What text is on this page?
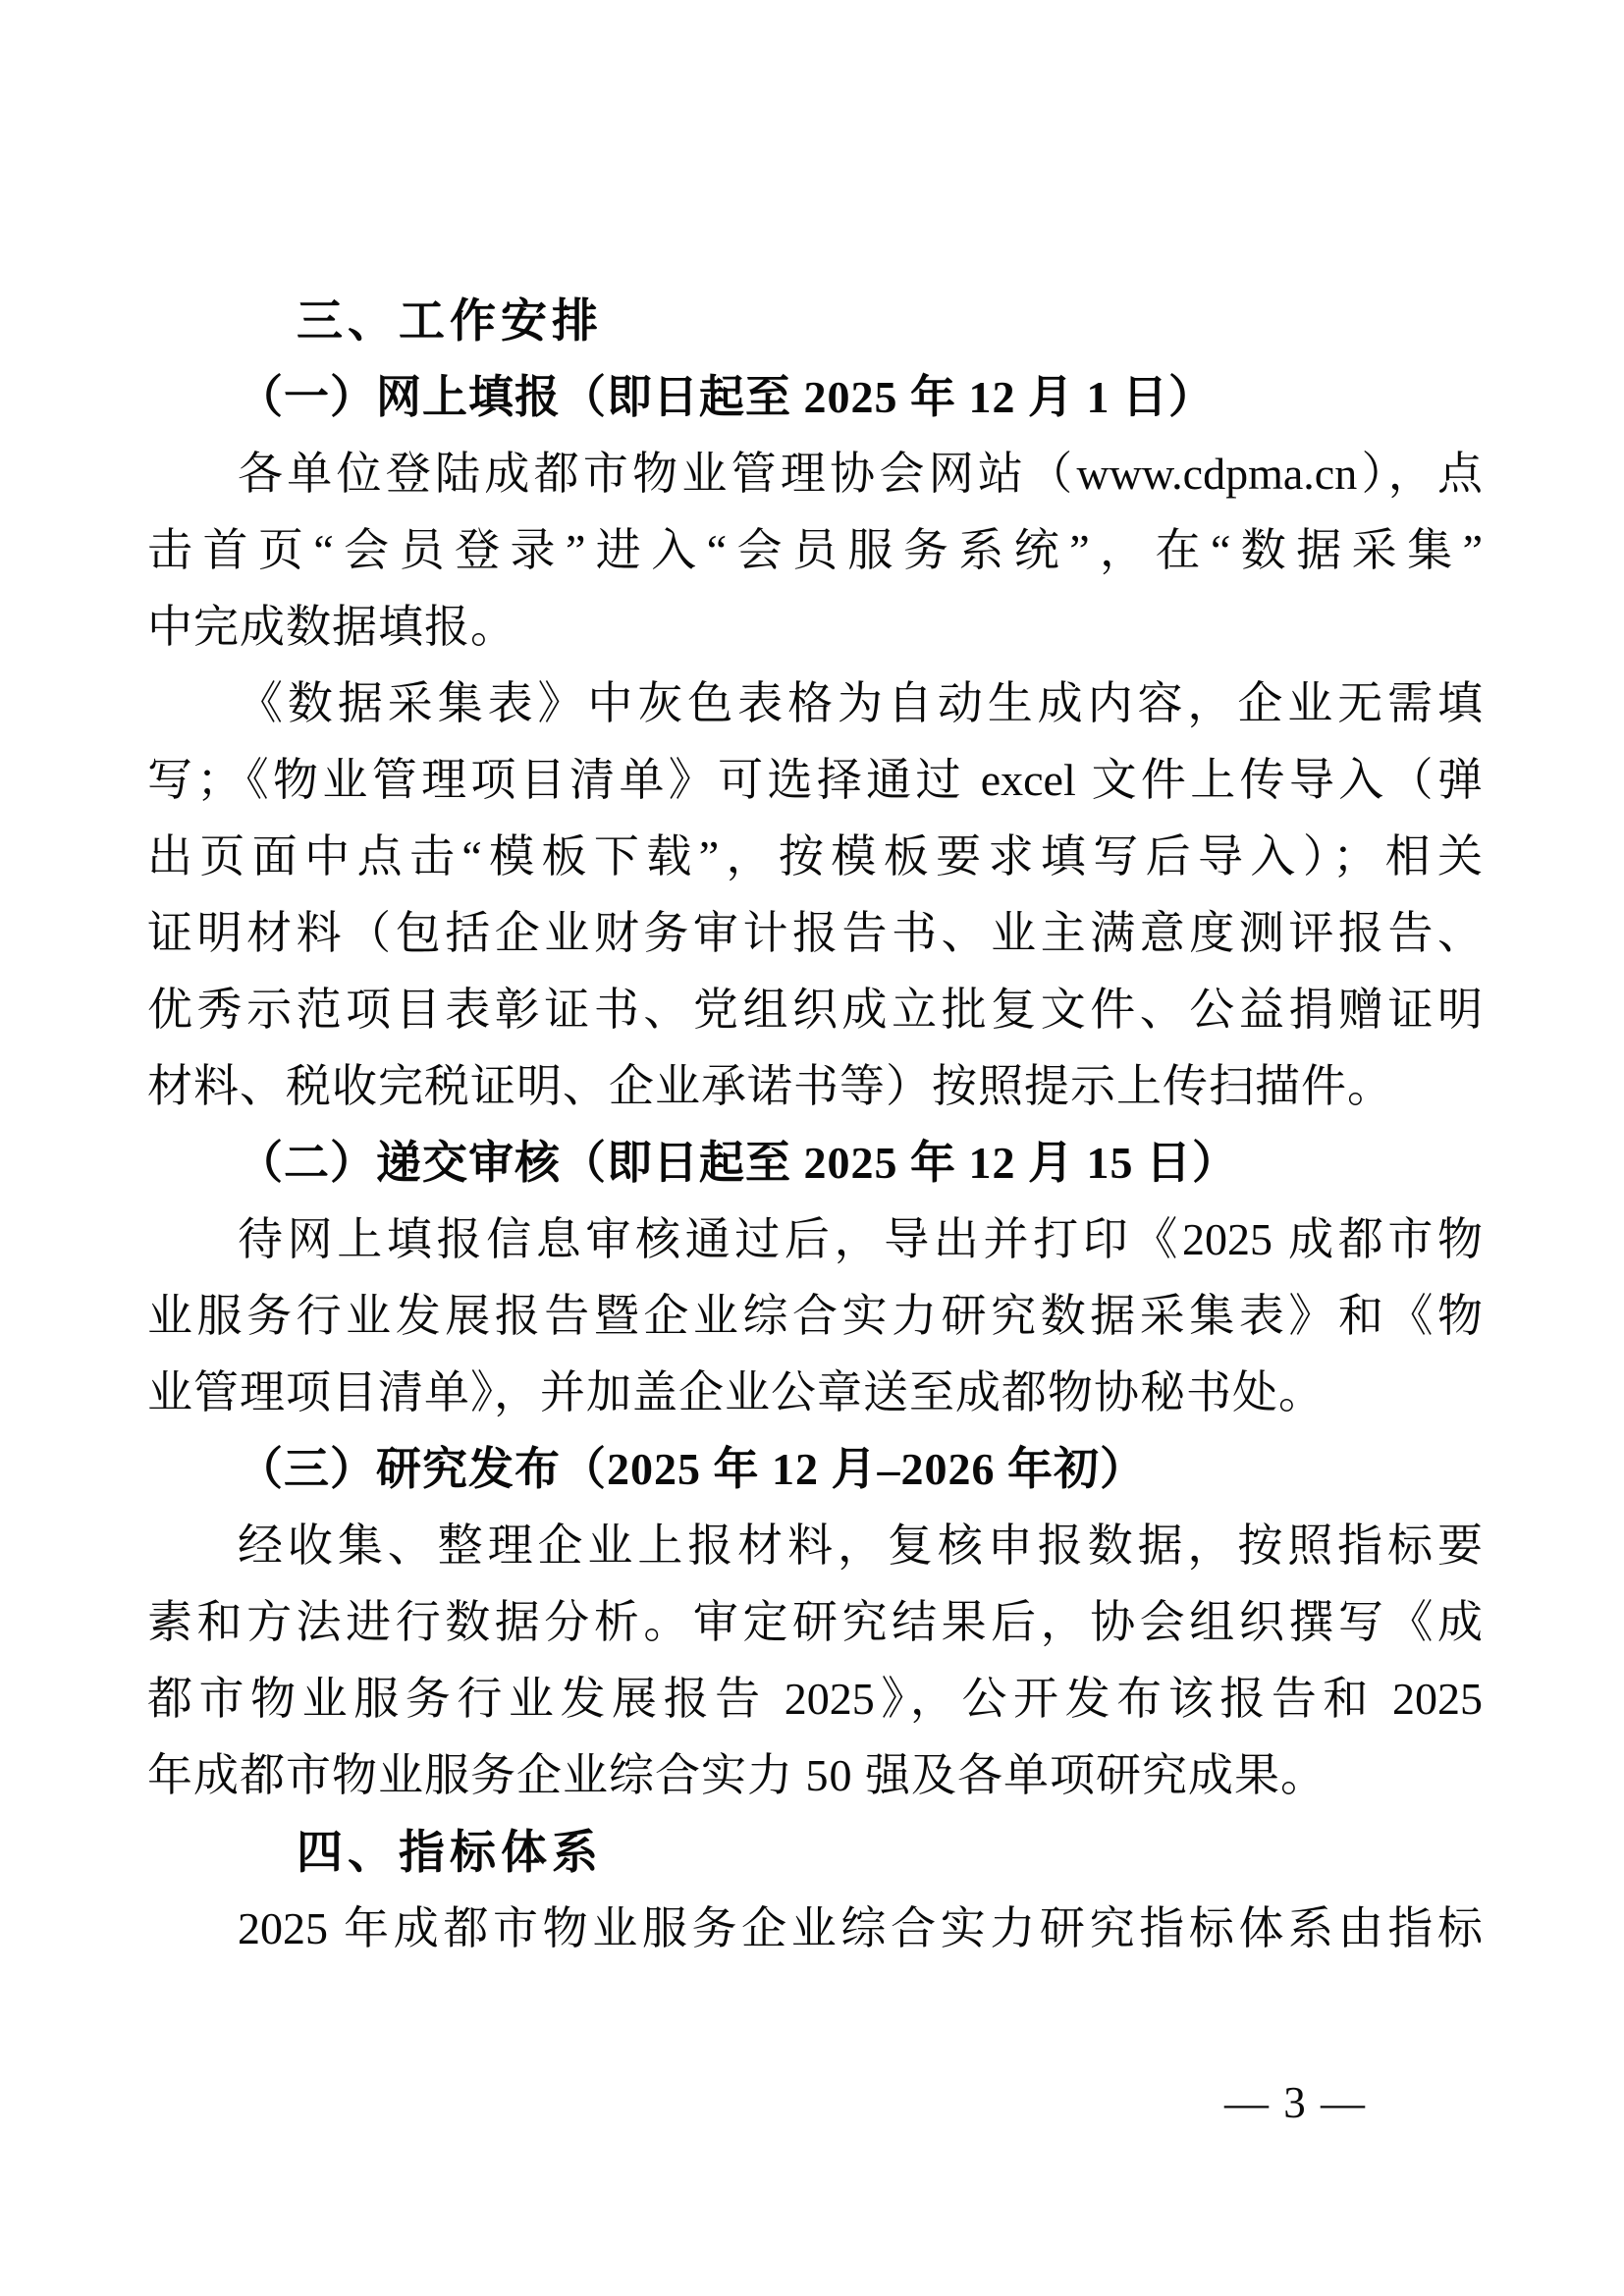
三、工作安排
（一）网上填报（即日起至 2025 年 12 月 1 日）
各单位登陆成都市物业管理协会网站（www.cdpma.cn），点
击首页“会员登录”进入“会员服务系统”，在“数据采集”
中完成数据填报。
《数据采集表》中灰色表格为自动生成内容，企业无需填
写；《物业管理项目清单》可选择通过 excel 文件上传导入（弹
出页面中点击“模板下载”，按模板要求填写后导入）；相关
证明材料（包括企业财务审计报告书、业主满意度测评报告、
优秀示范项目表彰证书、党组织成立批复文件、公益捐赠证明
材料、税收完税证明、企业承诺书等）按照提示上传扫描件。
（二）递交审核（即日起至 2025 年 12 月 15 日）
待网上填报信息审核通过后，导出并打印《2025 成都市物
业服务行业发展报告暨企业综合实力研究数据采集表》和《物
业管理项目清单》，并加盖企业公章送至成都物协秘书处。
（三）研究发布（2025 年 12 月–2026 年初）
经收集、整理企业上报材料，复核申报数据，按照指标要
素和方法进行数据分析。审定研究结果后，协会组织撰写《成
都市物业服务行业发展报告 2025》，公开发布该报告和 2025
年成都市物业服务企业综合实力 50 强及各单项研究成果。
四、指标体系
2025 年成都市物业服务企业综合实力研究指标体系由指标
— 3 —
